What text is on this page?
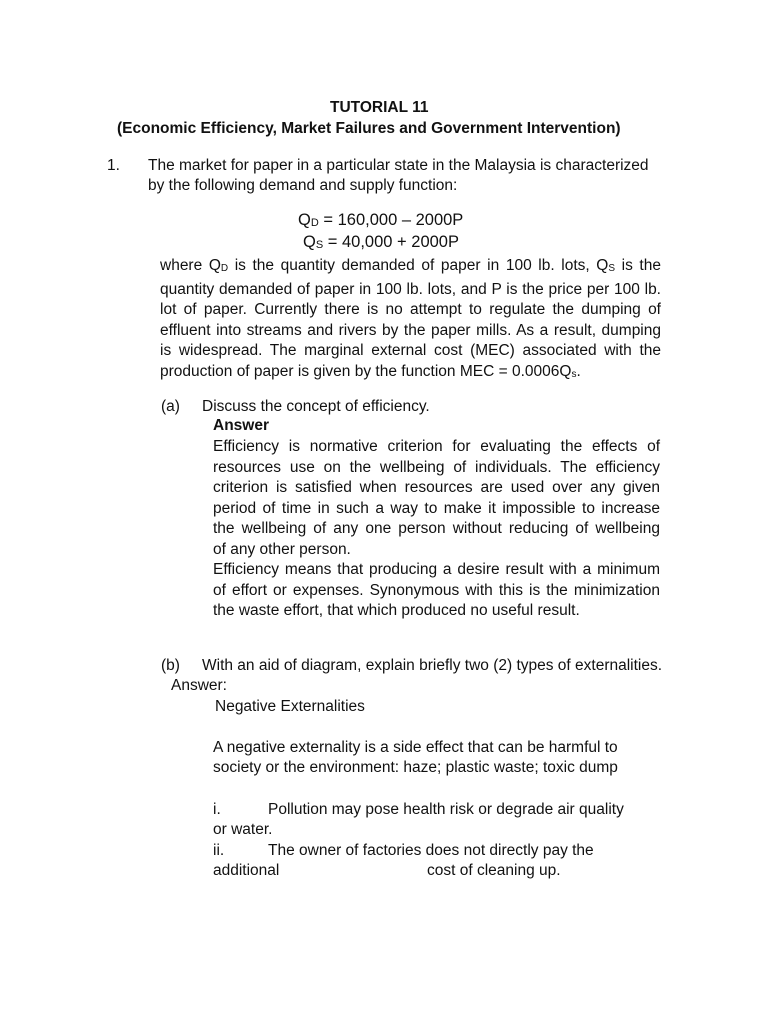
TUTORIAL 11
(Economic Efficiency, Market Failures and Government Intervention)
1. The market for paper in a particular state in the Malaysia is characterized
by the following demand and supply function:
$Q_D = 160,000 - 2000P$
$Q_S = 40,000 + 2000P$
where $Q_D$ is the quantity demanded of paper in 100 lb. lots, $Q_S$ is the
quantity demanded of paper in 100 lb. lots, and P is the price per 100 lb.
lot of paper. Currently there is no attempt to regulate the dumping of
effluent into streams and rivers by the paper mills. As a result, dumping
is widespread. The marginal external cost (MEC) associated with the
production of paper is given by the function MEC = $0.0006Q_s$.
(a) Discuss the concept of efficiency.
Answer
Efficiency is normative criterion for evaluating the effects of
resources use on the wellbeing of individuals. The efficiency
criterion is satisfied when resources are used over any given
period of time in such a way to make it impossible to increase
the wellbeing of any one person without reducing of wellbeing
of any other person.
Efficiency means that producing a desire result with a minimum
of effort or expenses. Synonymous with this is the minimization
the waste effort, that which produced no useful result.
(b) With an aid of diagram, explain briefly two (2) types of externalities.
Answer:
Negative Externalities
A negative externality is a side effect that can be harmful to
society or the environment: haze; plastic waste; toxic dump
i.	Pollution may pose health risk or degrade air quality
or water.
ii.	The owner of factories does not directly pay the
additional	cost of cleaning up.
